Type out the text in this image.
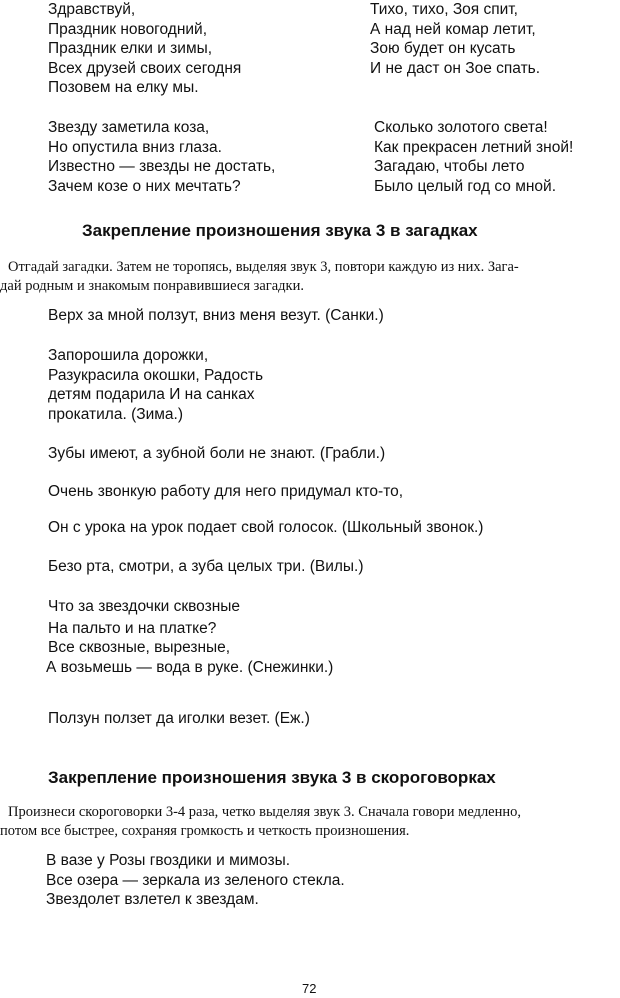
Здравствуй,
Праздник новогодний,
Праздник елки и зимы,
Всех друзей своих сегодня
Позовем на елку мы.
Тихо, тихо, Зоя спит,
А над ней комар летит,
Зою будет он кусать
И не даст он Зое спать.
Звезду заметила коза,
Но опустила вниз глаза.
Известно — звезды не достать,
Зачем козе о них мечтать?
Сколько золотого света!
Как прекрасен летний зной!
Загадаю, чтобы лето
Было целый год со мной.
Закрепление произношения звука 3 в загадках
Отгадай загадки. Затем не торопясь, выделяя звук 3, повтори каждую из них. Зага-
дай родным и знакомым понравившиеся загадки.
Верх за мной ползут, вниз меня везут. (Санки.)
Запорошила дорожки,
Разукрасила окошки, Радость
детям подарила И на санках
прокатила. (Зима.)
Зубы имеют, а зубной боли не знают. (Грабли.)
Очень звонкую работу для него придумал кто-то,
Он с урока на урок подает свой голосок. (Школьный звонок.)
Безо рта, смотри, а зуба целых три. (Вилы.)
Что за звездочки сквозные
На пальто и на платке?
Все сквозные, вырезные,
А возьмешь — вода в руке. (Снежинки.)
Ползун ползет да иголки везет. (Еж.)
Закрепление произношения звука 3 в скороговорках
Произнеси скороговорки 3-4 раза, четко выделяя звук 3. Сначала говори медленно,
потом все быстрее, сохраняя громкость и четкость произношения.
В вазе у Розы гвоздики и мимозы.
Все озера — зеркала из зеленого стекла.
Звездолет взлетел к звездам.
72
